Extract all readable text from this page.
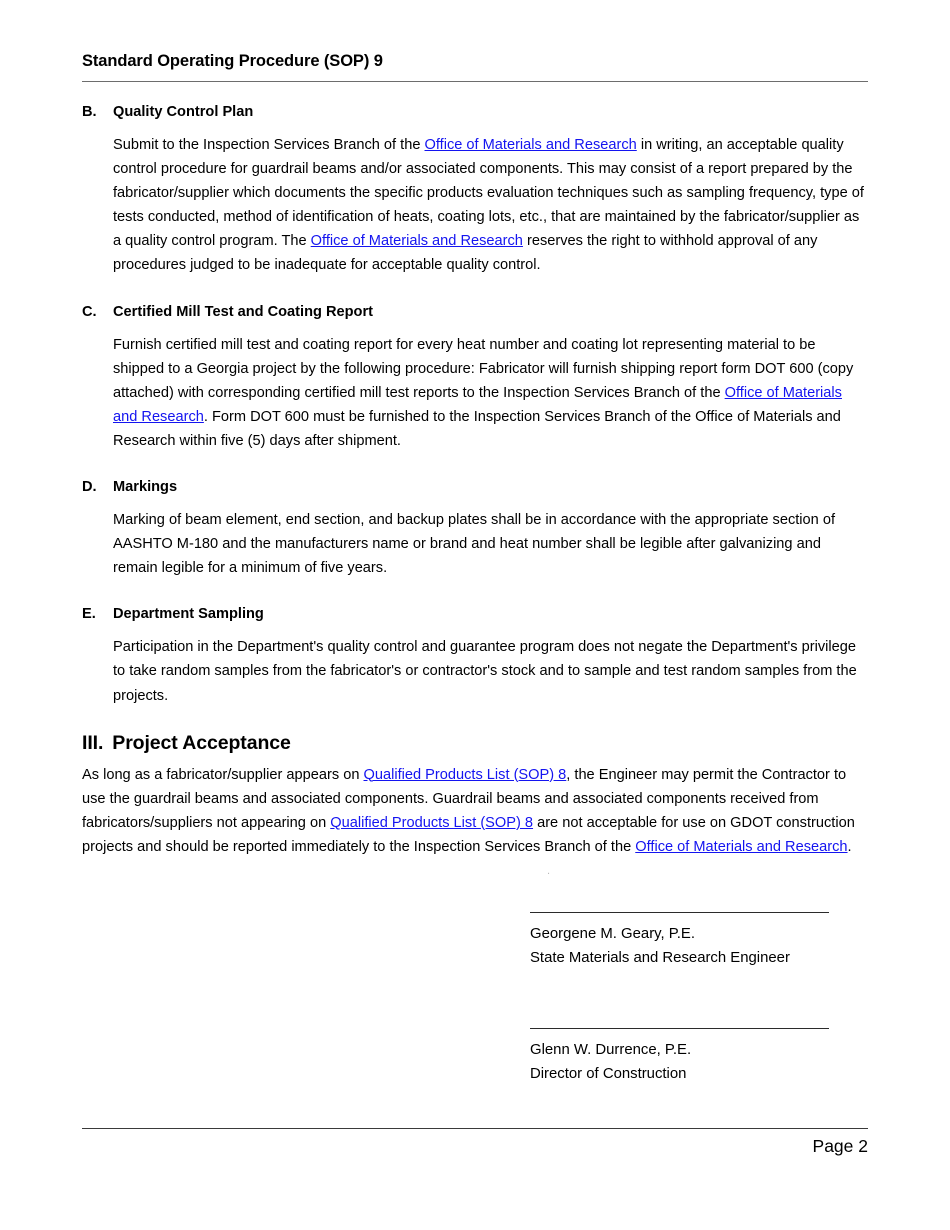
Standard Operating Procedure (SOP) 9
B.	Quality Control Plan

Submit to the Inspection Services Branch of the Office of Materials and Research in writing, an acceptable quality control procedure for guardrail beams and/or associated components. This may consist of a report prepared by the fabricator/supplier which documents the specific products evaluation techniques such as sampling frequency, type of tests conducted, method of identification of heats, coating lots, etc., that are maintained by the fabricator/supplier as a quality control program. The Office of Materials and Research reserves the right to withhold approval of any procedures judged to be inadequate for acceptable quality control.

C.	Certified Mill Test and Coating Report

Furnish certified mill test and coating report for every heat number and coating lot representing material to be shipped to a Georgia project by the following procedure: Fabricator will furnish shipping report form DOT 600 (copy attached) with corresponding certified mill test reports to the Inspection Services Branch of the Office of Materials and Research. Form DOT 600 must be furnished to the Inspection Services Branch of the Office of Materials and Research within five (5) days after shipment.

D.	Markings

Marking of beam element, end section, and backup plates shall be in accordance with the appropriate section of AASHTO M-180 and the manufacturers name or brand and heat number shall be legible after galvanizing and remain legible for a minimum of five years.

E.	Department Sampling

Participation in the Department's quality control and guarantee program does not negate the Department's privilege to take random samples from the fabricator's or contractor's stock and to sample and test random samples from the projects.

III. Project Acceptance

As long as a fabricator/supplier appears on Qualified Products List (SOP) 8, the Engineer may permit the Contractor to use the guardrail beams and associated components. Guardrail beams and associated components received from fabricators/suppliers not appearing on Qualified Products List (SOP) 8 are not acceptable for use on GDOT construction projects and should be reported immediately to the Inspection Services Branch of the Office of Materials and Research.

.
Georgene M. Geary, P.E.
State Materials and Research Engineer
Glenn W. Durrence, P.E.
Director of Construction
Page 2
